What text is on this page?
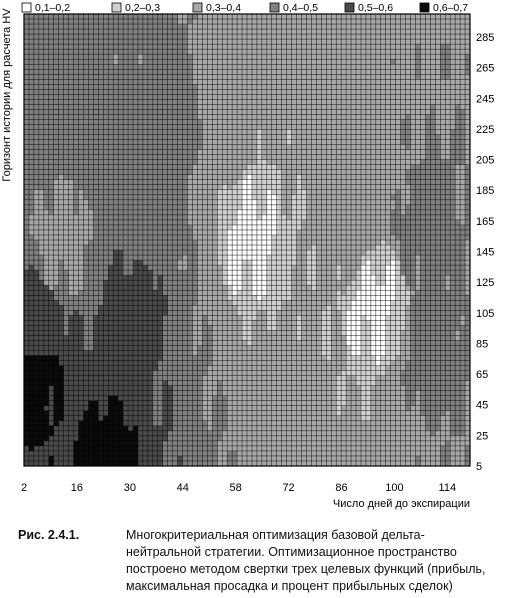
0,1–0,2	0,2–0,3	0,3–0,4	0,4–0,5	0,5–0,6	0,6–0,7
Горизонт истории для расчета HV
2	16	30	44	58	72	86	100	114
285
265
245
225
205
185
165
145
125
105
85
65
45
25
5
Число дней до экспирации
Рис. 2.4.1.	Многокритериальная оптимизация базовой дельта-нейтральной стратегии. Оптимизационное пространство построено методом свертки трех целевых функций (прибыль, максимальная просадка и процент прибыльных сделок)
